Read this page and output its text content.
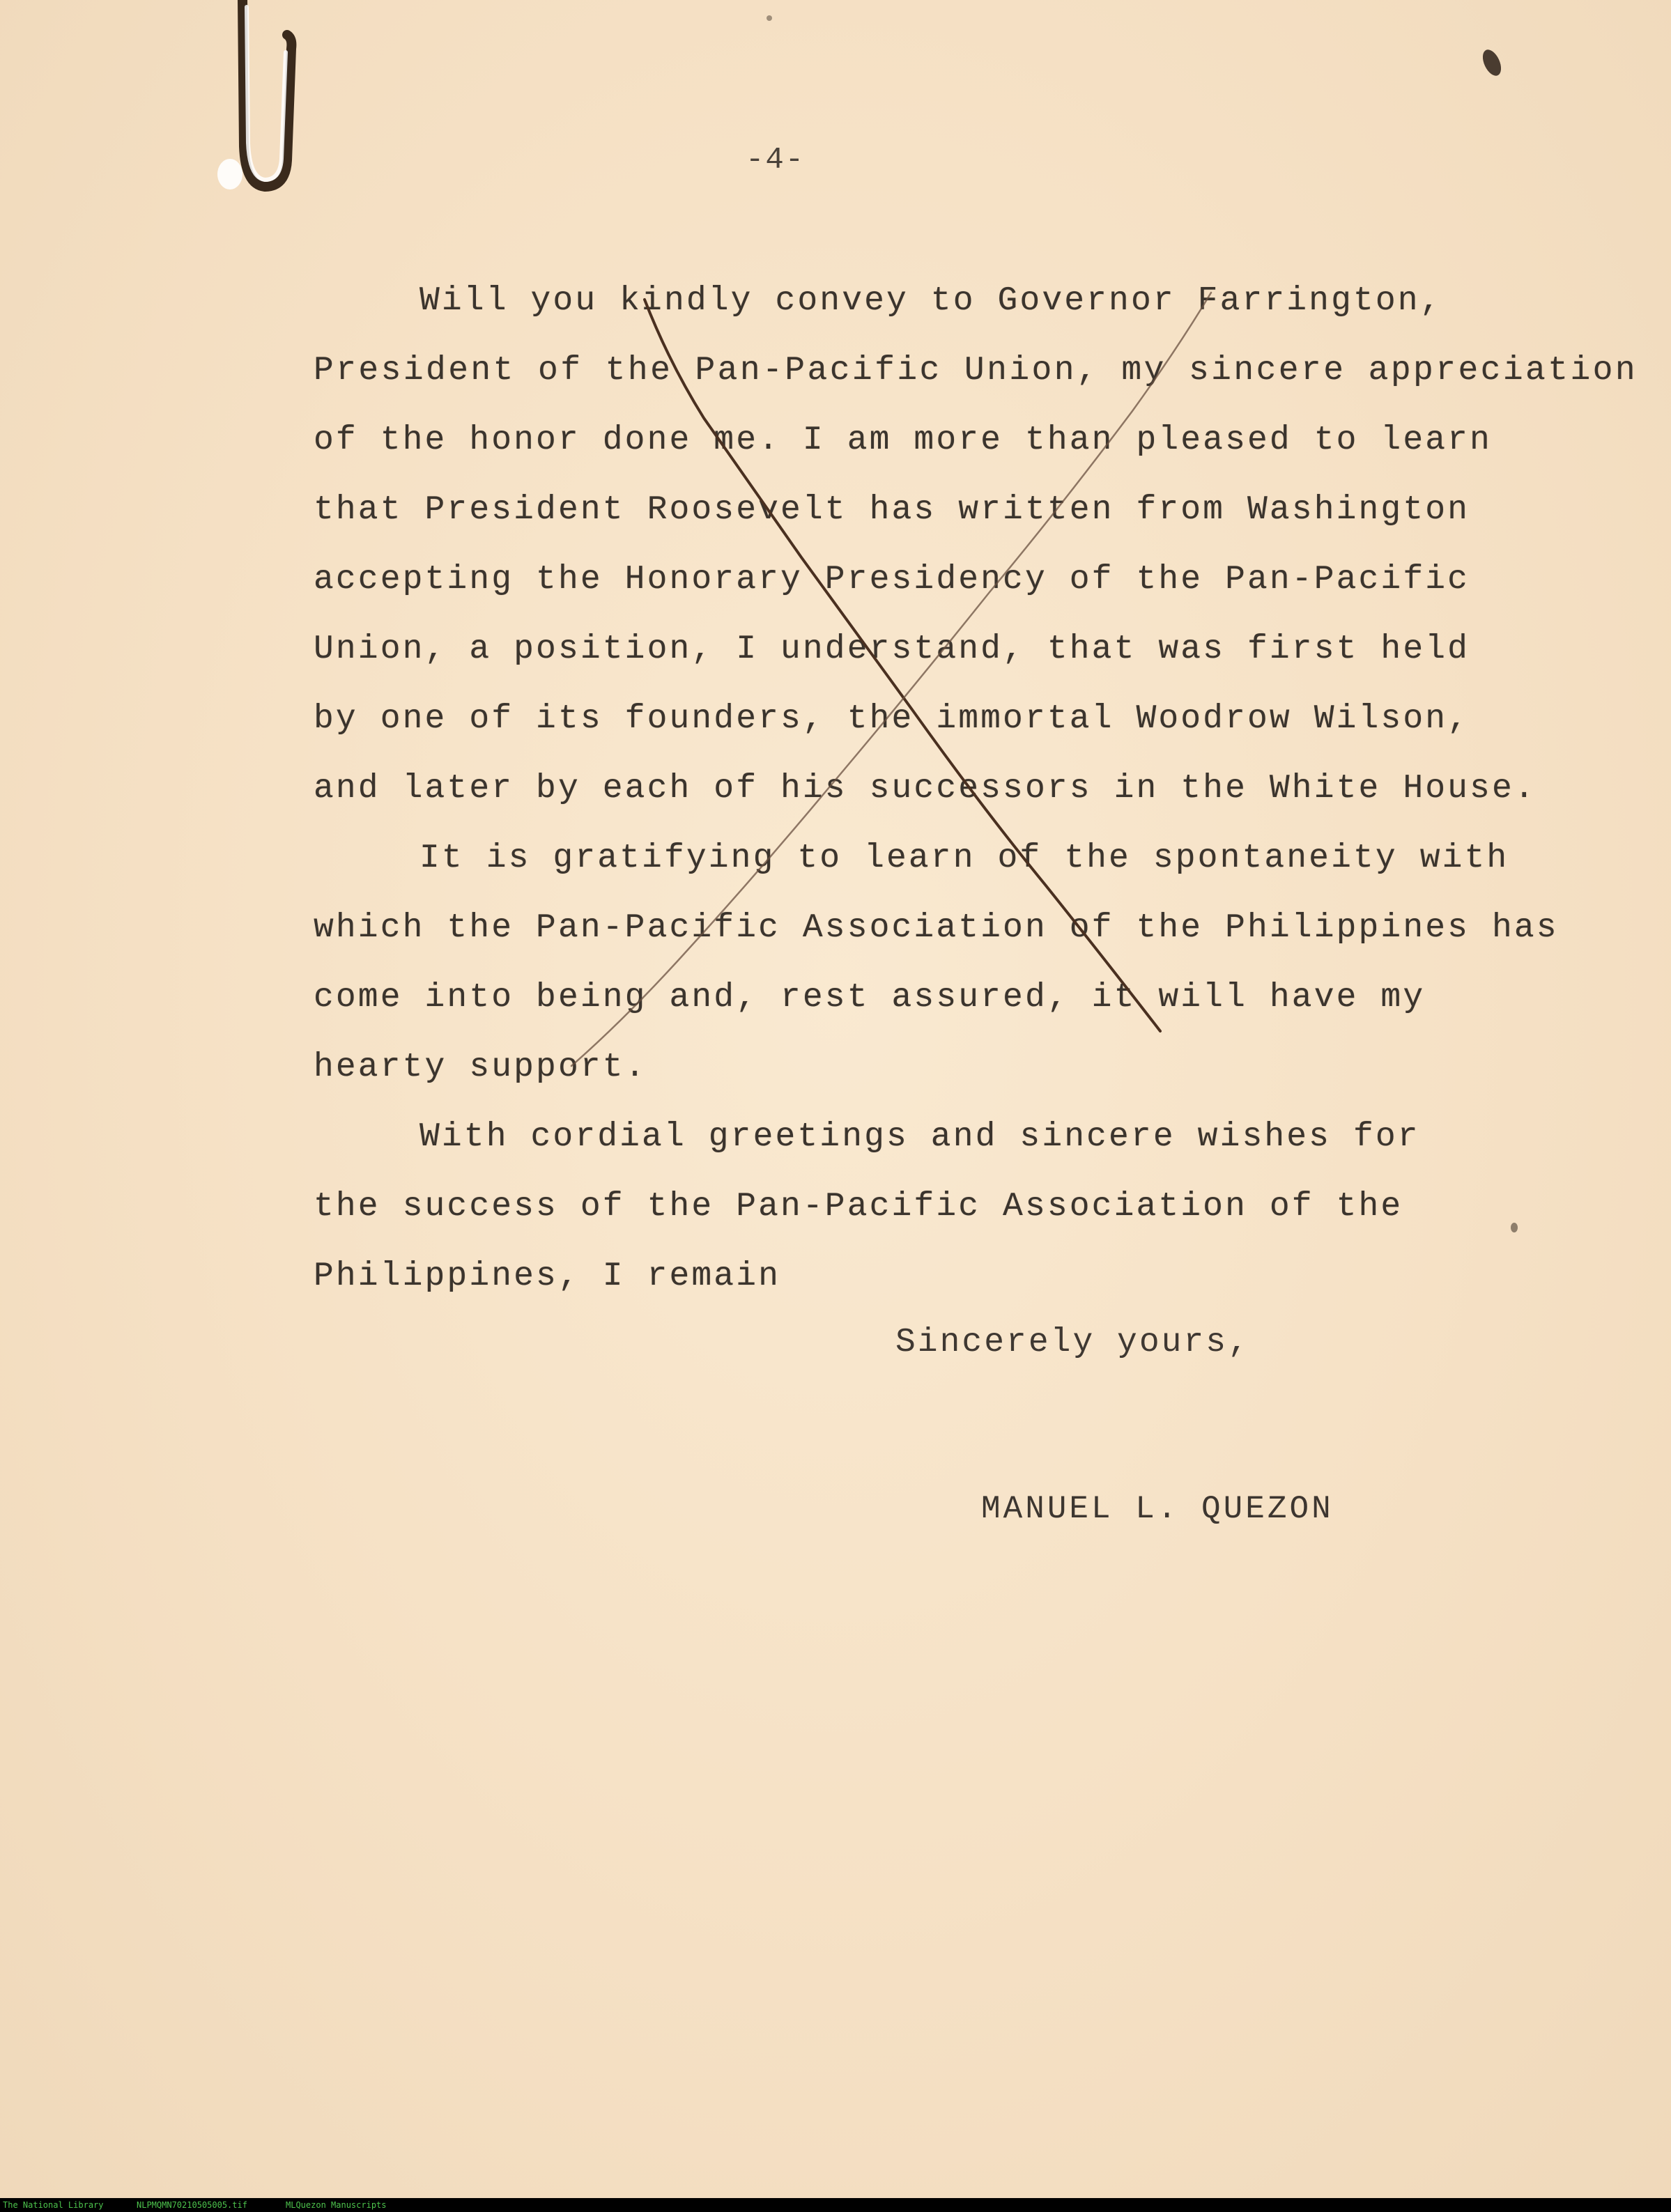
-4-
Will you kindly convey to Governor Farrington,
President of the Pan-Pacific Union, my sincere appreciation
of the honor done me. I am more than pleased to learn
that President Roosevelt has written from Washington
accepting the Honorary Presidency of the Pan-Pacific
Union, a position, I understand, that was first held
by one of its founders, the immortal Woodrow Wilson,
and later by each of his successors in the White House.
It is gratifying to learn of the spontaneity with
which the Pan-Pacific Association of the Philippines has
come into being and, rest assured, it will have my
hearty support.
With cordial greetings and sincere wishes for
the success of the Pan-Pacific Association of the
Philippines, I remain
Sincerely yours,
MANUEL L. QUEZON
The National Library	NLPMQMN70210505005.tif	MLQuezon Manuscripts
